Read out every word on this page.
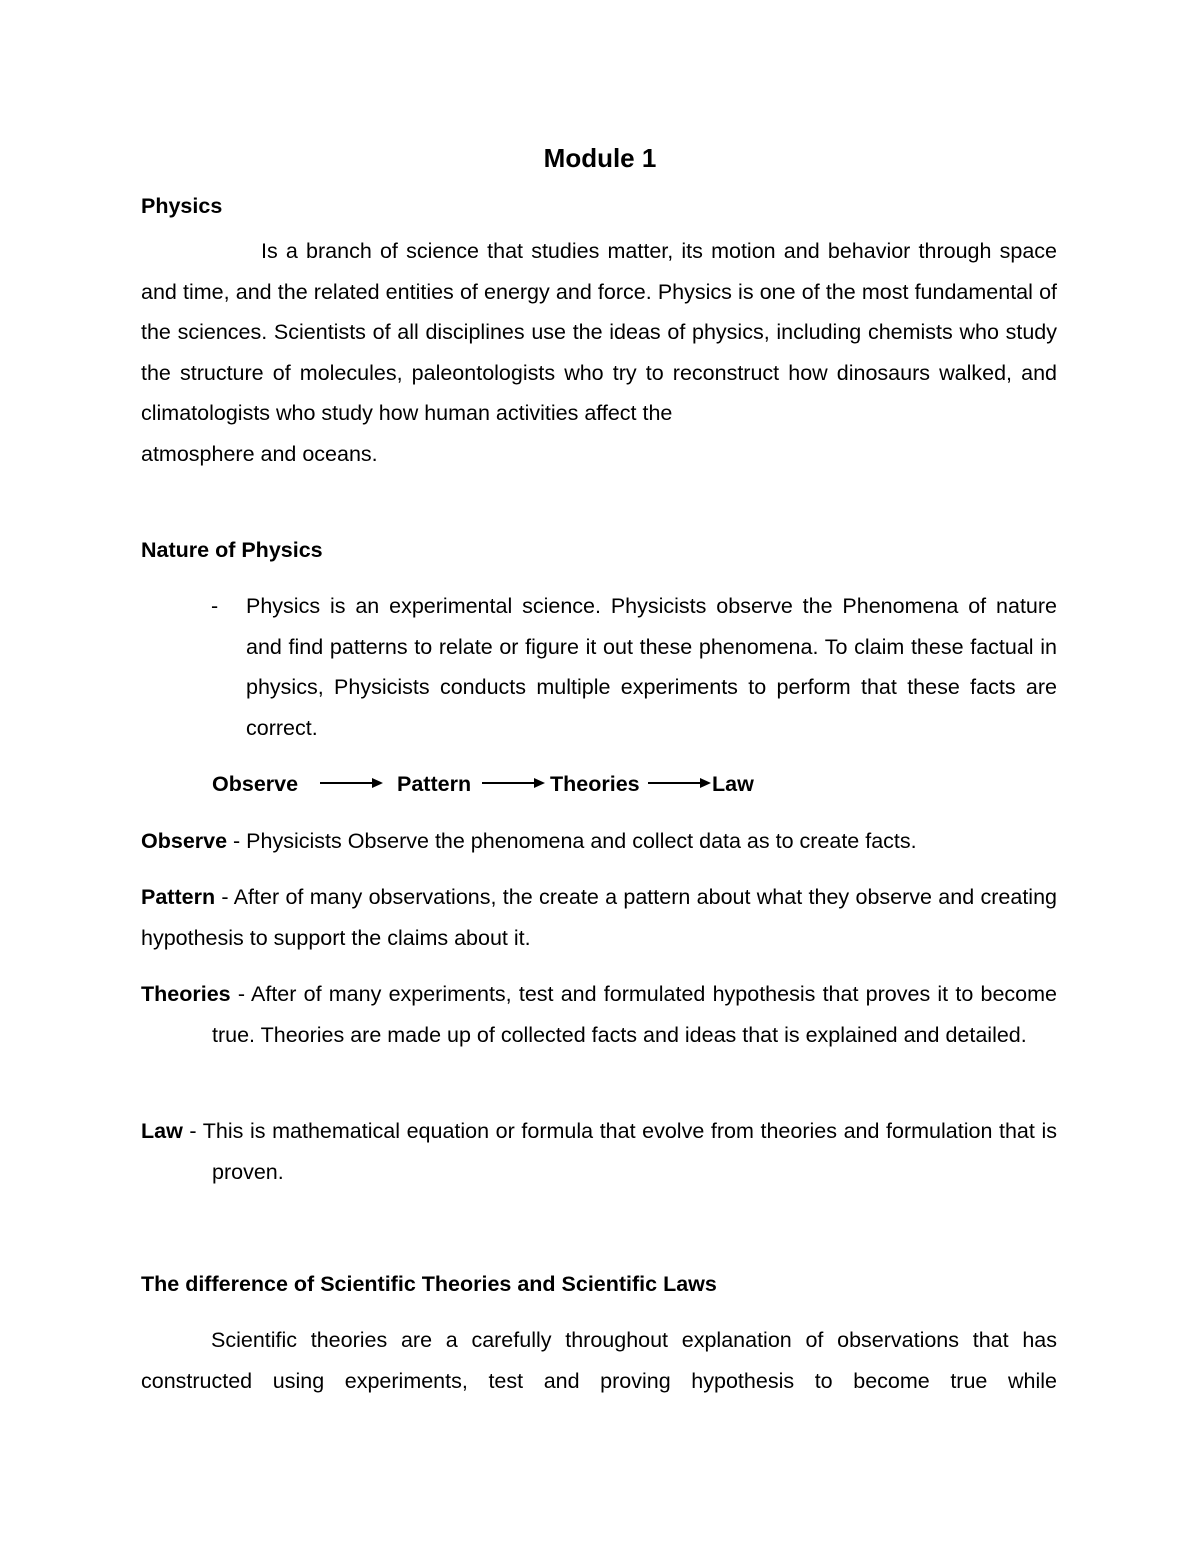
Module 1
Physics
Is a branch of science that studies matter, its motion and behavior through space and time, and the related entities of energy and force. Physics is one of the most fundamental of the sciences. Scientists of all disciplines use the ideas of physics, including chemists who study the structure of molecules, paleontologists who try to reconstruct how dinosaurs walked, and climatologists who study how human activities affect the
atmosphere and oceans.
Nature of Physics
- Physics is an experimental science. Physicists observe the Phenomena of nature and find patterns to relate or figure it out these phenomena. To claim these factual in physics, Physicists conducts multiple experiments to perform that these facts are correct.
Observe	Pattern	Theories	Law
Observe - Physicists Observe the phenomena and collect data as to create facts.
Pattern - After of many observations, the create a pattern about what they observe and creating hypothesis to support the claims about it.
Theories - After of many experiments, test and formulated hypothesis that proves it to become true. Theories are made up of collected facts and ideas that is explained and detailed.
Law - This is mathematical equation or formula that evolve from theories and formulation that is proven.
The difference of Scientific Theories and Scientific Laws
Scientific theories are a carefully throughout explanation of observations that has constructed using experiments, test and proving hypothesis to become true while
